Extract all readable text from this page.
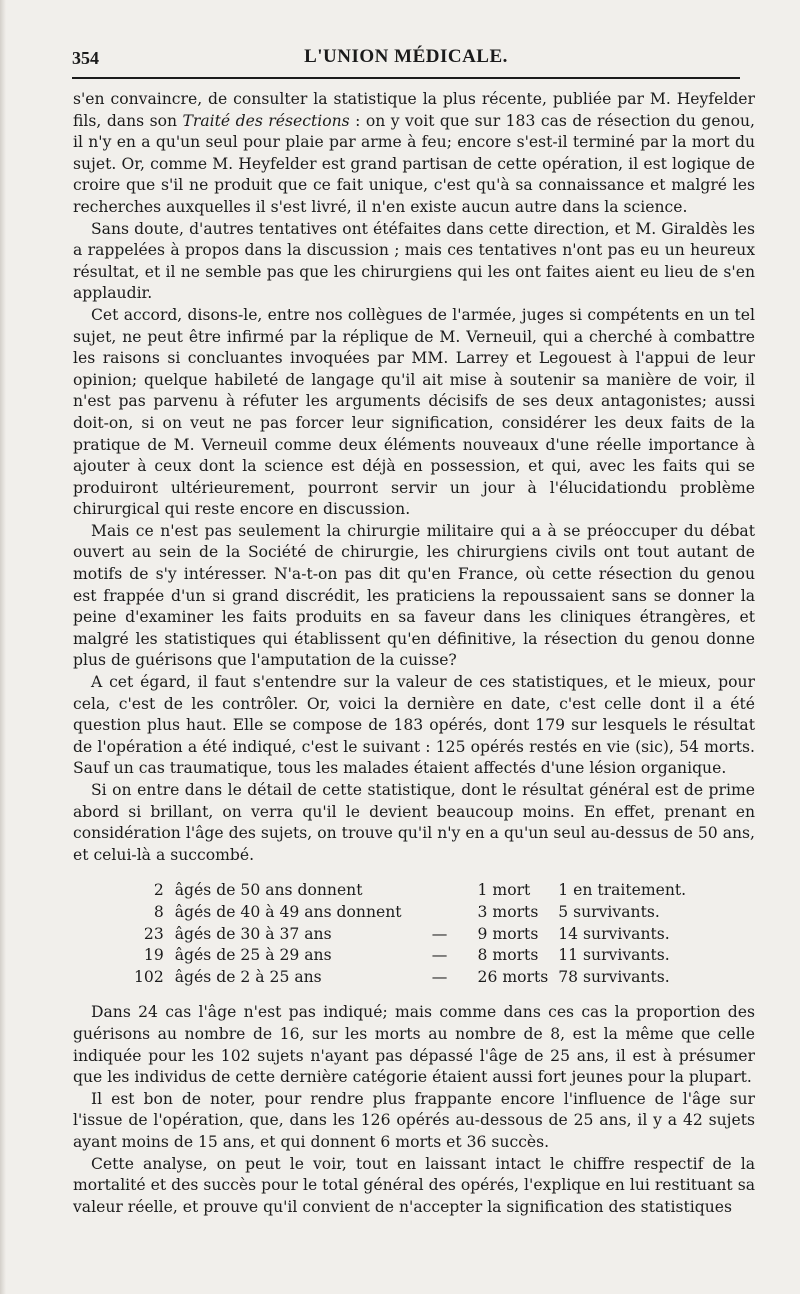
354	L'UNION MÉDICALE.

s'en convaincre, de consulter la statistique la plus récente, publiée par M. Heyfelder fils, dans son Traité des résections : on y voit que sur 183 cas de résection du genou, il n'y en a qu'un seul pour plaie par arme à feu; encore s'est-il terminé par la mort du sujet. Or, comme M. Heyfelder est grand partisan de cette opération, il est logique de croire que s'il ne produit que ce fait unique, c'est qu'à sa connaissance et malgré les recherches auxquelles il s'est livré, il n'en existe aucun autre dans la science.

Sans doute, d'autres tentatives ont étéfaites dans cette direction, et M. Giraldès les a rappelées à propos dans la discussion ; mais ces tentatives n'ont pas eu un heureux résultat, et il ne semble pas que les chirurgiens qui les ont faites aient eu lieu de s'en applaudir.

Cet accord, disons-le, entre nos collègues de l'armée, juges si compétents en un tel sujet, ne peut être infirmé par la réplique de M. Verneuil, qui a cherché à combattre les raisons si concluantes invoquées par MM. Larrey et Legouest à l'appui de leur opinion; quelque habileté de langage qu'il ait mise à soutenir sa manière de voir, il n'est pas parvenu à réfuter les arguments décisifs de ses deux antagonistes; aussi doit-on, si on veut ne pas forcer leur signification, considérer les deux faits de la pratique de M. Verneuil comme deux éléments nouveaux d'une réelle importance à ajouter à ceux dont la science est déjà en possession, et qui, avec les faits qui se produiront ultérieurement, pourront servir un jour à l'élucidationdu problème chirurgical qui reste encore en discussion.

Mais ce n'est pas seulement la chirurgie militaire qui a à se préoccuper du débat ouvert au sein de la Société de chirurgie, les chirurgiens civils ont tout autant de motifs de s'y intéresser. N'a-t-on pas dit qu'en France, où cette résection du genou est frappée d'un si grand discrédit, les praticiens la repoussaient sans se donner la peine d'examiner les faits produits en sa faveur dans les cliniques étrangères, et malgré les statistiques qui établissent qu'en définitive, la résection du genou donne plus de guérisons que l'amputation de la cuisse?

A cet égard, il faut s'entendre sur la valeur de ces statistiques, et le mieux, pour cela, c'est de les contrôler. Or, voici la dernière en date, c'est celle dont il a été question plus haut. Elle se compose de 183 opérés, dont 179 sur lesquels le résultat de l'opération a été indiqué, c'est le suivant : 125 opérés restés en vie (sic), 54 morts. Sauf un cas traumatique, tous les malades étaient affectés d'une lésion organique.

Si on entre dans le détail de cette statistique, dont le résultat général est de prime abord si brillant, on verra qu'il le devient beaucoup moins. En effet, prenant en considération l'âge des sujets, on trouve qu'il n'y en a qu'un seul au-dessus de 50 ans, et celui-là a succombé.

2	âgés de 50 ans donnent		1 mort	1 en traitement.
8	âgés de 40 à 49 ans donnent		3 morts	5 survivants.
23	âgés de 30 à 37 ans	—	9 morts	14 survivants.
19	âgés de 25 à 29 ans	—	8 morts	11 survivants.
102	âgés de 2 à 25 ans	—	26 morts	78 survivants.

Dans 24 cas l'âge n'est pas indiqué; mais comme dans ces cas la proportion des guérisons au nombre de 16, sur les morts au nombre de 8, est la même que celle indiquée pour les 102 sujets n'ayant pas dépassé l'âge de 25 ans, il est à présumer que les individus de cette dernière catégorie étaient aussi fort jeunes pour la plupart.

Il est bon de noter, pour rendre plus frappante encore l'influence de l'âge sur l'issue de l'opération, que, dans les 126 opérés au-dessous de 25 ans, il y a 42 sujets ayant moins de 15 ans, et qui donnent 6 morts et 36 succès.

Cette analyse, on peut le voir, tout en laissant intact le chiffre respectif de la mortalité et des succès pour le total général des opérés, l'explique en lui restituant sa valeur réelle, et prouve qu'il convient de n'accepter la signification des statistiques
